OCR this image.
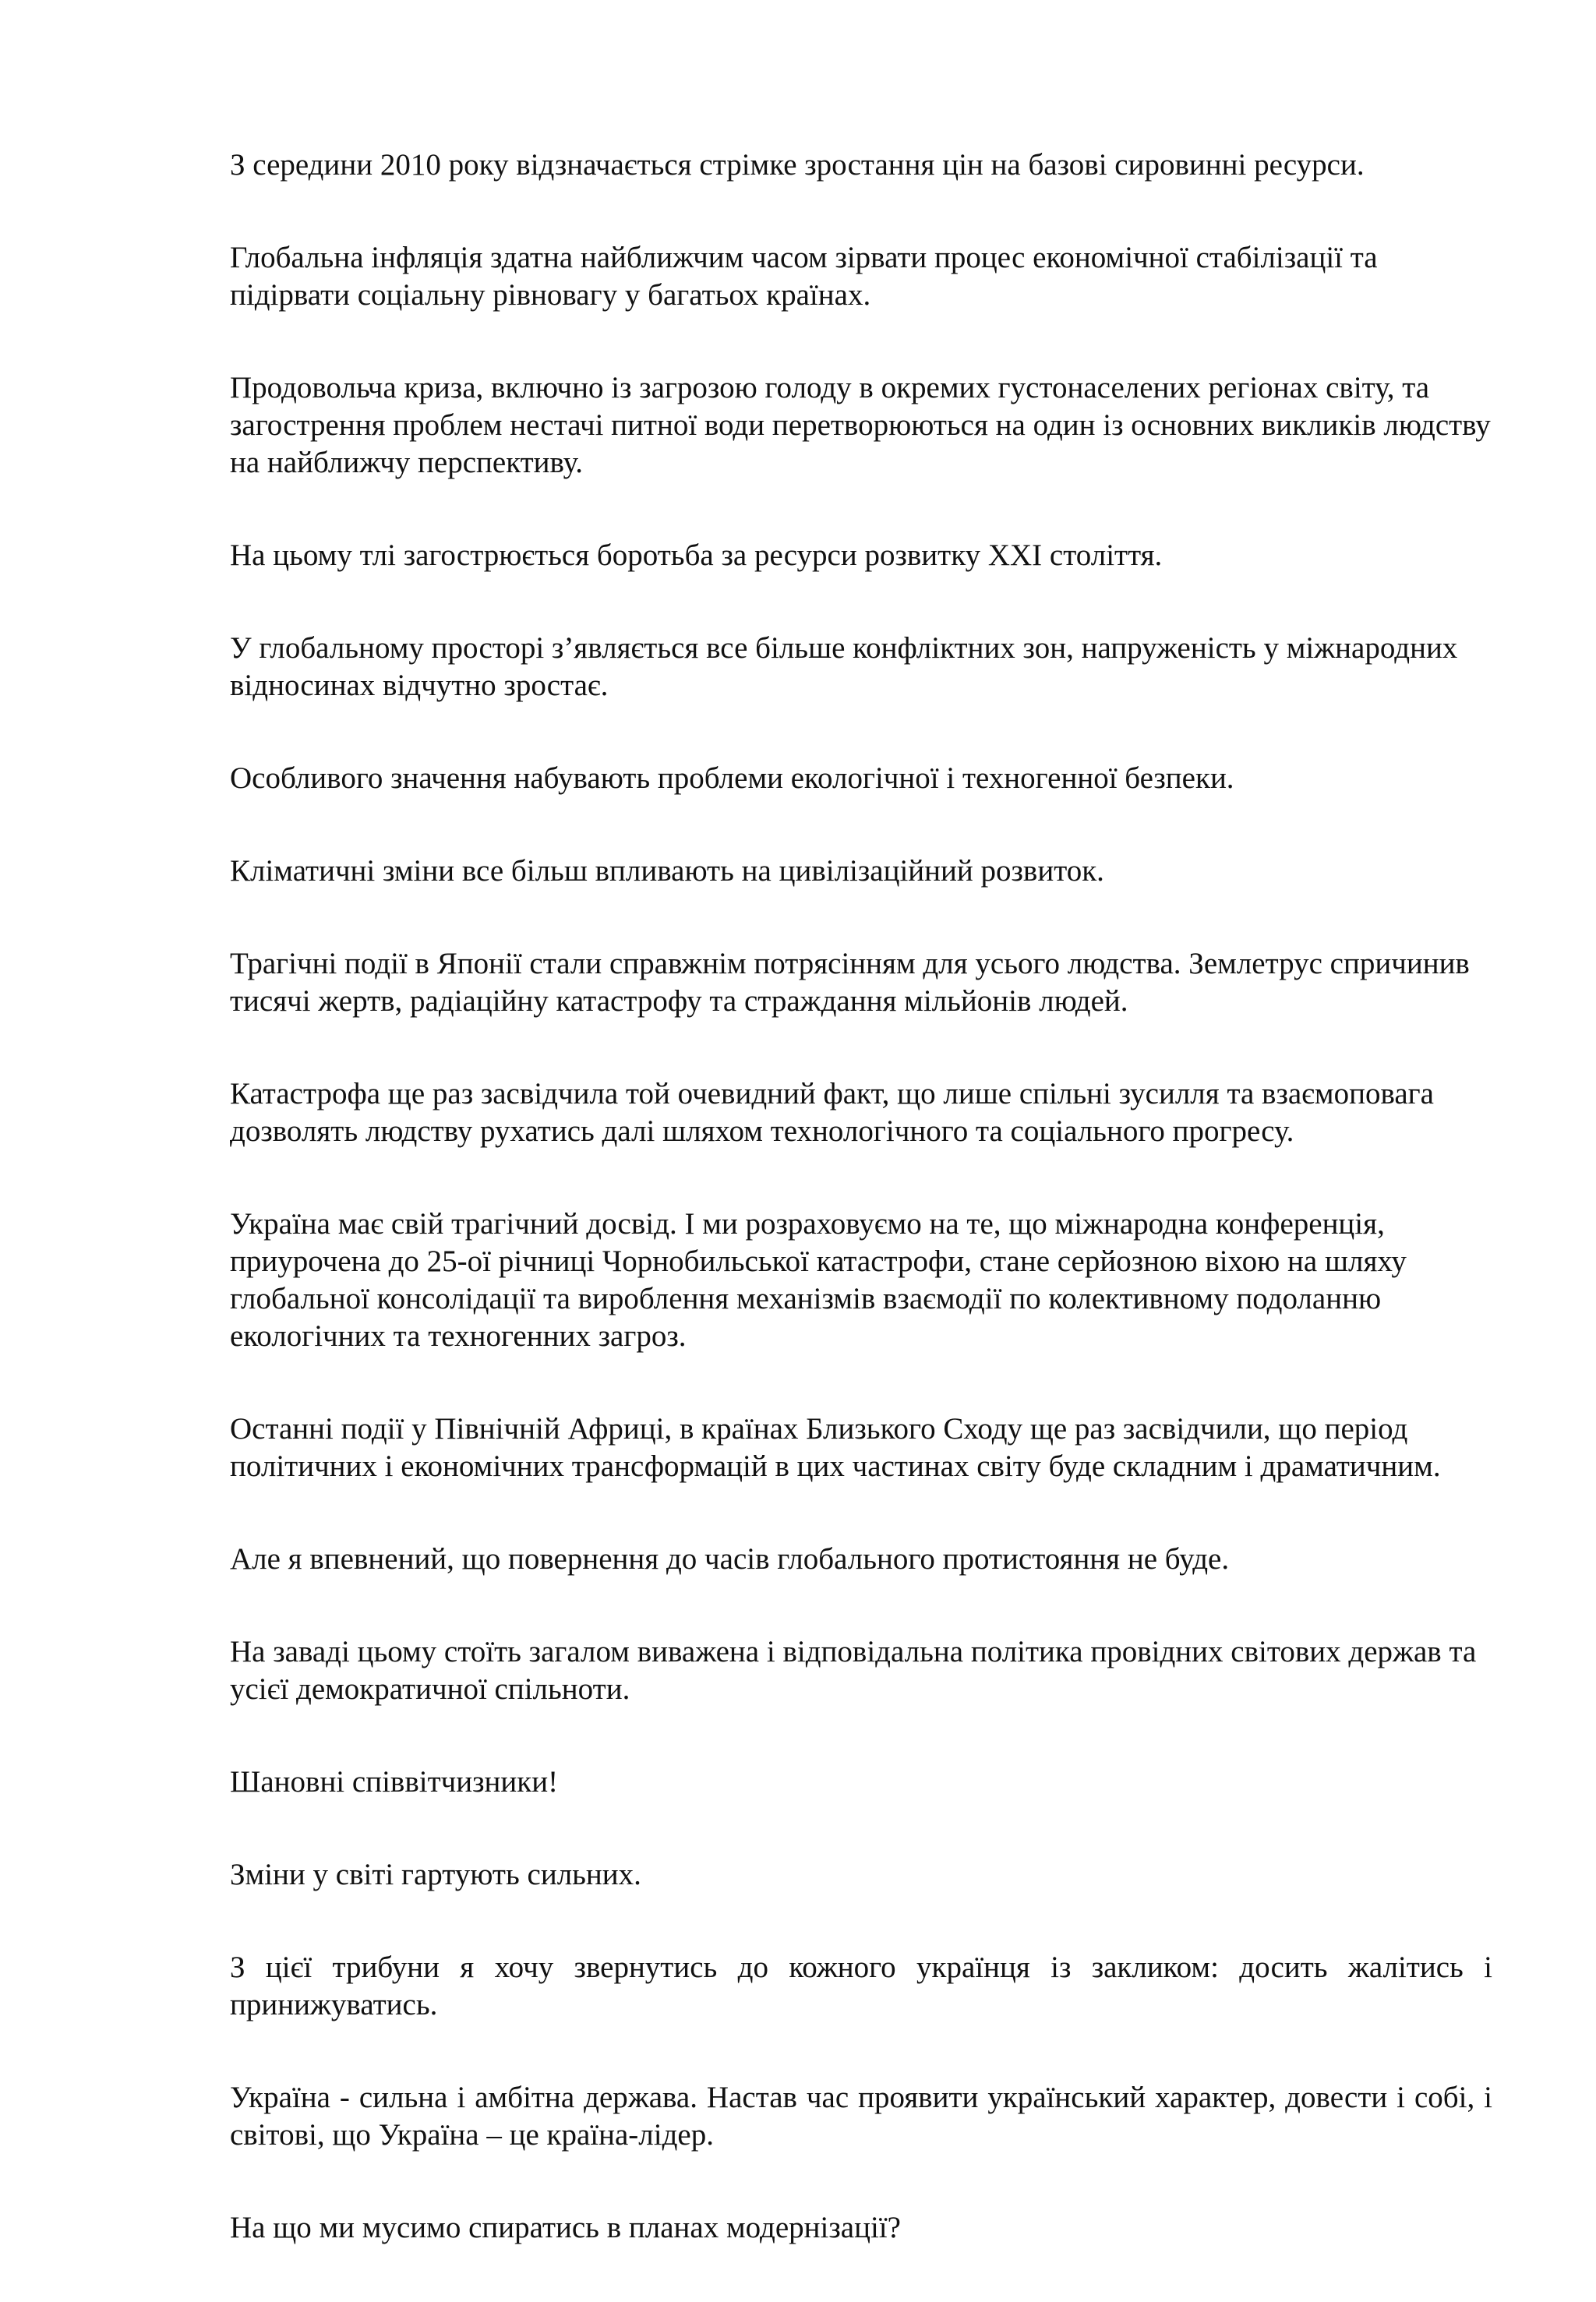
З середини 2010 року відзначається стрімке зростання цін на базові сировинні ресурси.

Глобальна інфляція здатна найближчим часом зірвати процес економічної стабілізації та підірвати соціальну рівновагу у багатьох країнах.

Продовольча криза, включно із загрозою голоду в окремих густонаселених регіонах світу, та загострення проблем нестачі питної води перетворюються на один із основних викликів людству на найближчу перспективу.

На цьому тлі загострюється боротьба за ресурси розвитку ХХІ століття.

У глобальному просторі з’являється все більше конфліктних зон, напруженість у міжнародних відносинах відчутно зростає.

Особливого значення набувають проблеми екологічної і техногенної безпеки.

Кліматичні зміни все більш впливають на цивілізаційний розвиток.

Трагічні події в Японії стали справжнім потрясінням для усього людства. Землетрус спричинив тисячі жертв, радіаційну катастрофу та страждання мільйонів людей.

Катастрофа ще раз засвідчила той очевидний факт, що лише спільні зусилля та взаємоповага дозволять людству рухатись далі шляхом технологічного та соціального прогресу.

Україна має свій трагічний досвід. І ми розраховуємо на те, що міжнародна конференція, приурочена до 25-ої річниці Чорнобильської катастрофи, стане серйозною віхою на шляху глобальної консолідації та вироблення механізмів взаємодії по колективному подоланню екологічних та техногенних загроз.

Останні події у Північній Африці, в країнах Близького Сходу ще раз засвідчили, що період політичних і економічних трансформацій в цих частинах світу буде складним і драматичним.

Але я впевнений, що повернення до часів глобального протистояння не буде.

На заваді цьому стоїть загалом виважена і відповідальна політика провідних світових держав та усієї демократичної спільноти.

Шановні співвітчизники!

Зміни у світі гартують сильних.

З цієї трибуни я хочу звернутись до кожного українця із закликом: досить жалітись і принижуватись.

Україна - сильна і амбітна держава. Настав час проявити український характер, довести і собі, і світові, що Україна – це країна-лідер.

На що ми мусимо спиратись в планах модернізації?
